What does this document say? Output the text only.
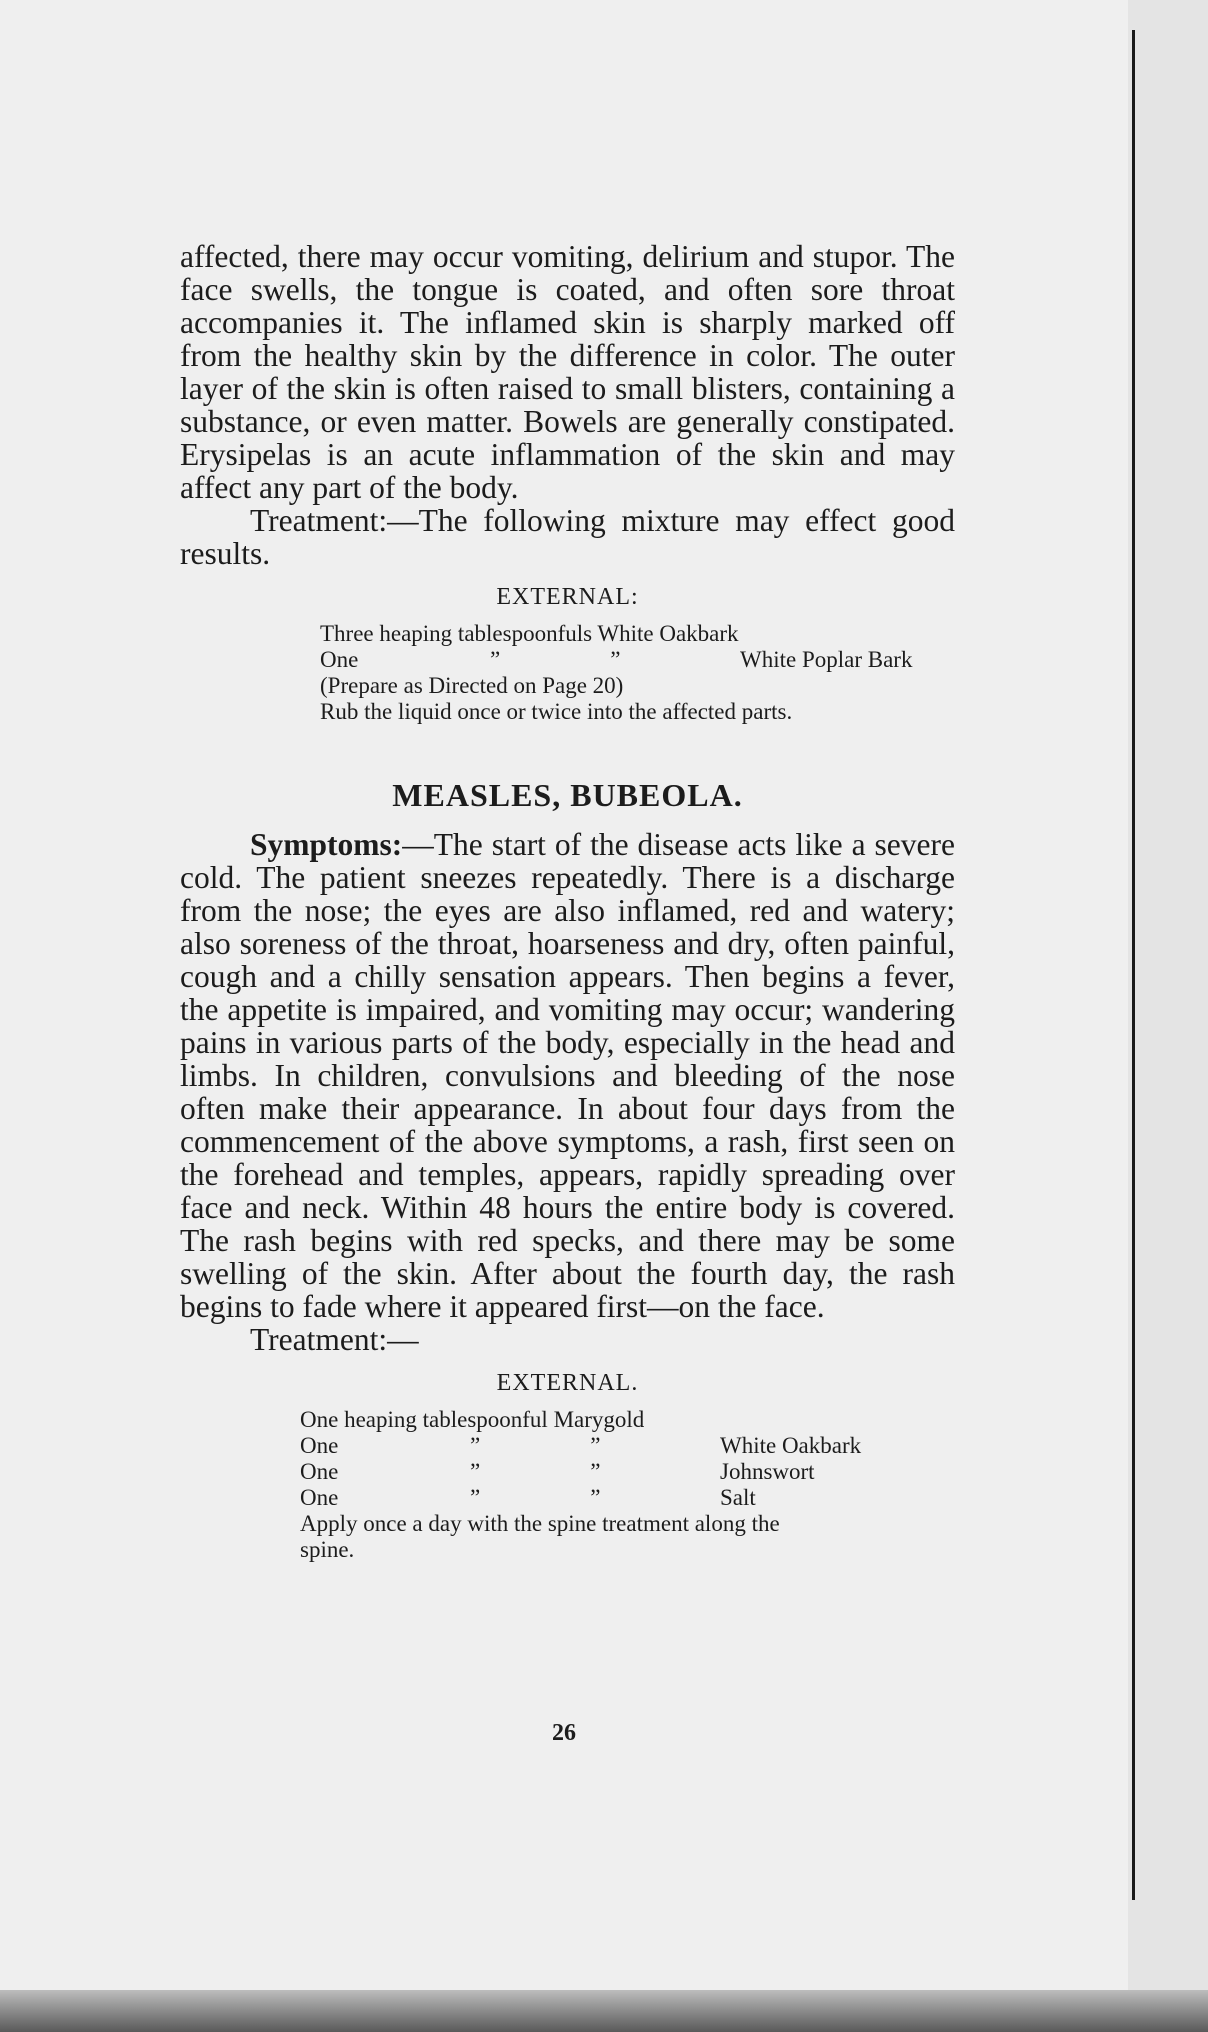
affected, there may occur vomiting, delirium and stupor. The face swells, the tongue is coated, and often sore throat accompanies it. The inflamed skin is sharply marked off from the healthy skin by the difference in color. The outer layer of the skin is often raised to small blisters, containing a substance, or even matter. Bowels are generally constipated. Erysipelas is an acute inflammation of the skin and may affect any part of the body.

Treatment:—The following mixture may effect good results.

EXTERNAL:
Three heaping tablespoonfuls White Oakbark
One	”	”	White Poplar Bark
(Prepare as Directed on Page 20)
Rub the liquid once or twice into the affected parts.
MEASLES, BUBEOLA.

Symptoms:—The start of the disease acts like a severe cold. The patient sneezes repeatedly. There is a discharge from the nose; the eyes are also inflamed, red and watery; also soreness of the throat, hoarseness and dry, often painful, cough and a chilly sensation appears. Then begins a fever, the appetite is impaired, and vomiting may occur; wandering pains in various parts of the body, especially in the head and limbs. In children, convulsions and bleeding of the nose often make their appearance. In about four days from the commencement of the above symptoms, a rash, first seen on the forehead and temples, appears, rapidly spreading over face and neck. Within 48 hours the entire body is covered. The rash begins with red specks, and there may be some swelling of the skin. After about the fourth day, the rash begins to fade where it appeared first—on the face.

Treatment:—

EXTERNAL.
One heaping tablespoonful Marygold
One	”	”	White Oakbark
One	”	”	Johnswort
One	”	”	Salt
Apply once a day with the spine treatment along the spine.
26
